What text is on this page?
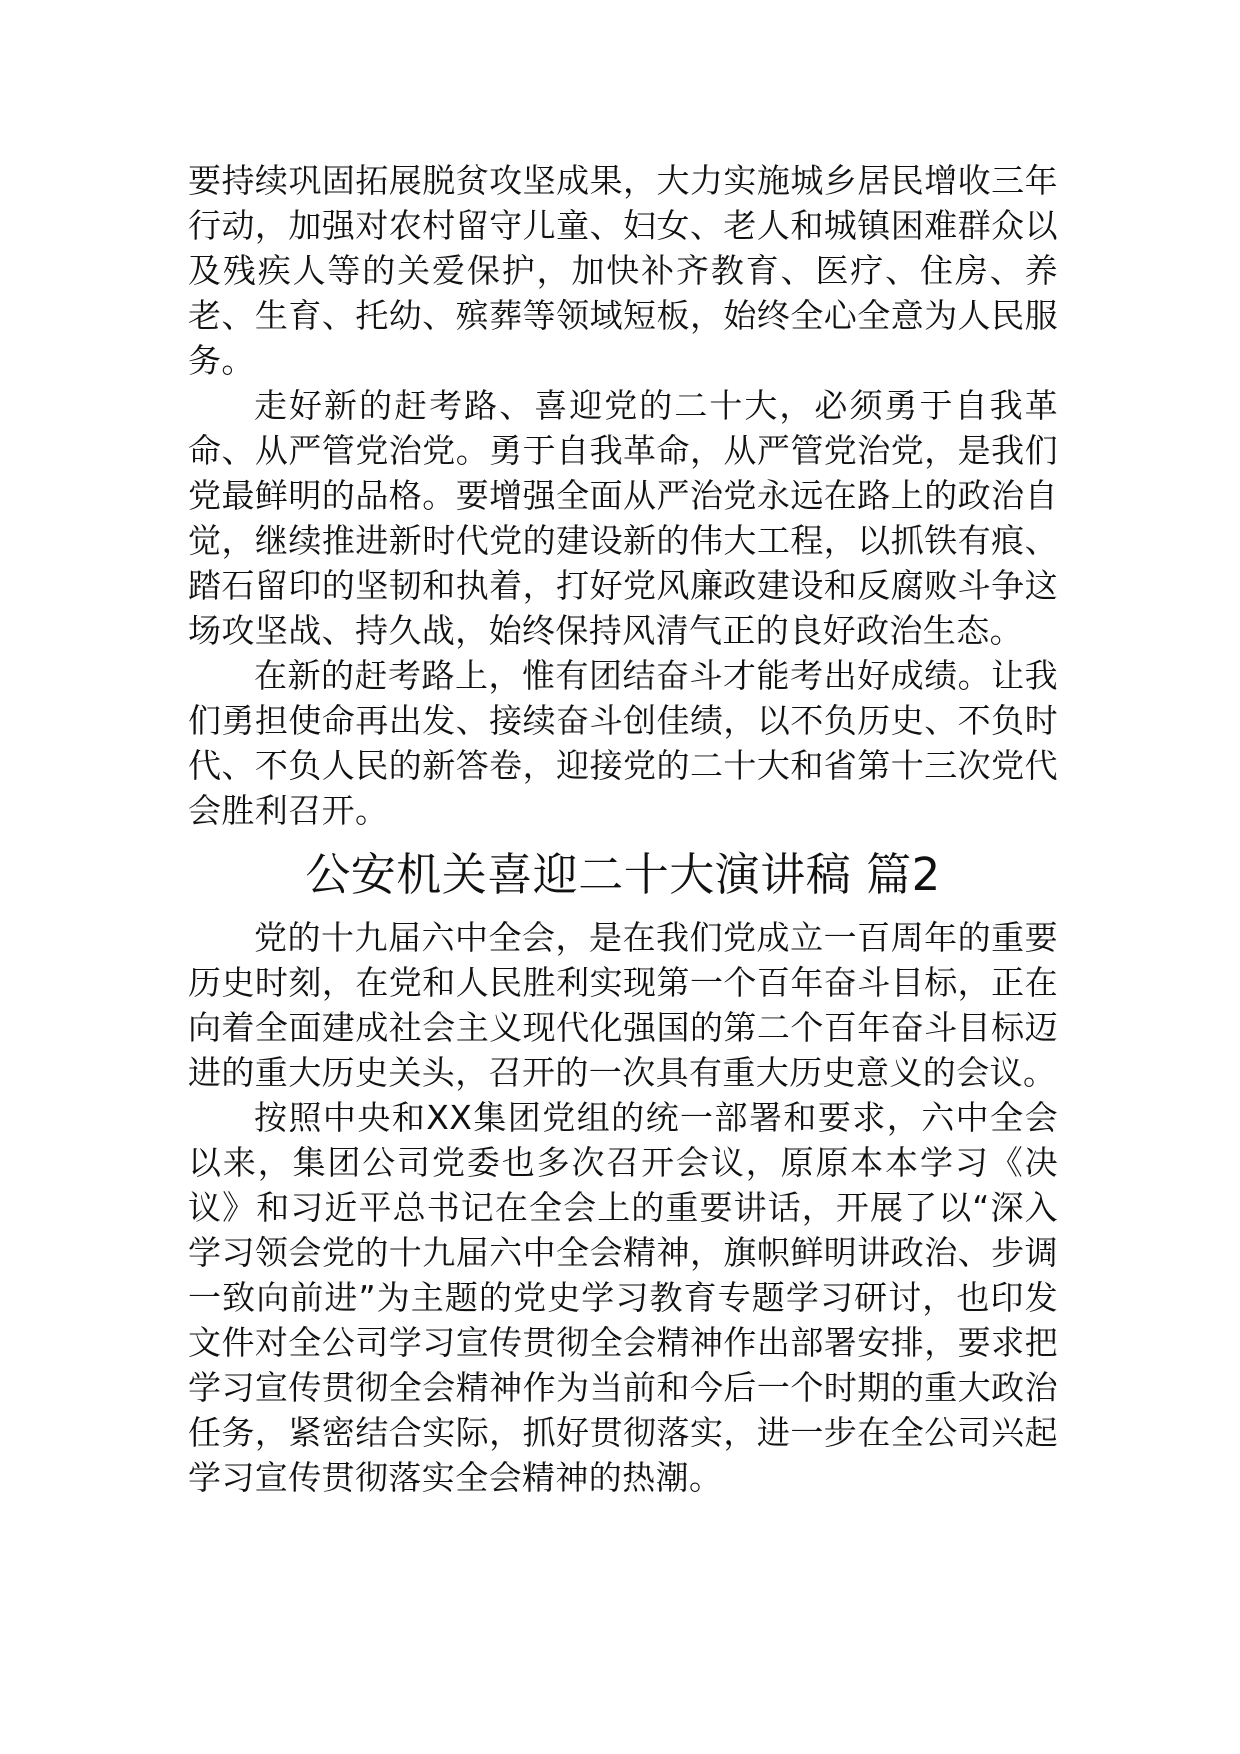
要持续巩固拓展脱贫攻坚成果，大力实施城乡居民增收三年行动，加强对农村留守儿童、妇女、老人和城镇困难群众以及残疾人等的关爱保护，加快补齐教育、医疗、住房、养老、生育、托幼、殡葬等领域短板，始终全心全意为人民服务。

走好新的赶考路、喜迎党的二十大，必须勇于自我革命、从严管党治党。勇于自我革命，从严管党治党，是我们党最鲜明的品格。要增强全面从严治党永远在路上的政治自觉，继续推进新时代党的建设新的伟大工程，以抓铁有痕、踏石留印的坚韧和执着，打好党风廉政建设和反腐败斗争这场攻坚战、持久战，始终保持风清气正的良好政治生态。

在新的赶考路上，惟有团结奋斗才能考出好成绩。让我们勇担使命再出发、接续奋斗创佳绩，以不负历史、不负时代、不负人民的新答卷，迎接党的二十大和省第十三次党代会胜利召开。

公安机关喜迎二十大演讲稿 篇2

党的十九届六中全会，是在我们党成立一百周年的重要历史时刻，在党和人民胜利实现第一个百年奋斗目标，正在向着全面建成社会主义现代化强国的第二个百年奋斗目标迈进的重大历史关头，召开的一次具有重大历史意义的会议。

按照中央和XX集团党组的统一部署和要求，六中全会以来，集团公司党委也多次召开会议，原原本本学习《决议》和习近平总书记在全会上的重要讲话，开展了以“深入学习领会党的十九届六中全会精神，旗帜鲜明讲政治、步调一致向前进”为主题的党史学习教育专题学习研讨，也印发文件对全公司学习宣传贯彻全会精神作出部署安排，要求把学习宣传贯彻全会精神作为当前和今后一个时期的重大政治任务，紧密结合实际，抓好贯彻落实，进一步在全公司兴起学习宣传贯彻落实全会精神的热潮。
